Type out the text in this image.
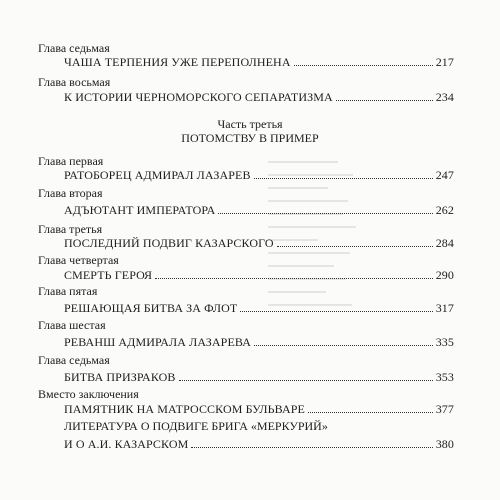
Глава седьмая
ЧАША ТЕРПЕНИЯ УЖЕ ПЕРЕПОЛНЕНА	217
Глава восьмая
К ИСТОРИИ ЧЕРНОМОРСКОГО СЕПАРАТИЗМА	234
Часть третья
ПОТОМСТВУ В ПРИМЕР
Глава первая
РАТОБОРЕЦ АДМИРАЛ ЛАЗАРЕВ	247
Глава вторая
АДЪЮТАНТ ИМПЕРАТОРА	262
Глава третья
ПОСЛЕДНИЙ ПОДВИГ КАЗАРСКОГО	284
Глава четвертая
СМЕРТЬ ГЕРОЯ	290
Глава пятая
РЕШАЮЩАЯ БИТВА ЗА ФЛОТ	317
Глава шестая
РЕВАНШ АДМИРАЛА ЛАЗАРЕВА	335
Глава седьмая
БИТВА ПРИЗРАКОВ	353
Вместо заключения
ПАМЯТНИК НА МАТРОССКОМ БУЛЬВАРЕ	377
ЛИТЕРАТУРА О ПОДВИГЕ БРИГА «МЕРКУРИЙ»
И О А.И. КАЗАРСКОМ	380
